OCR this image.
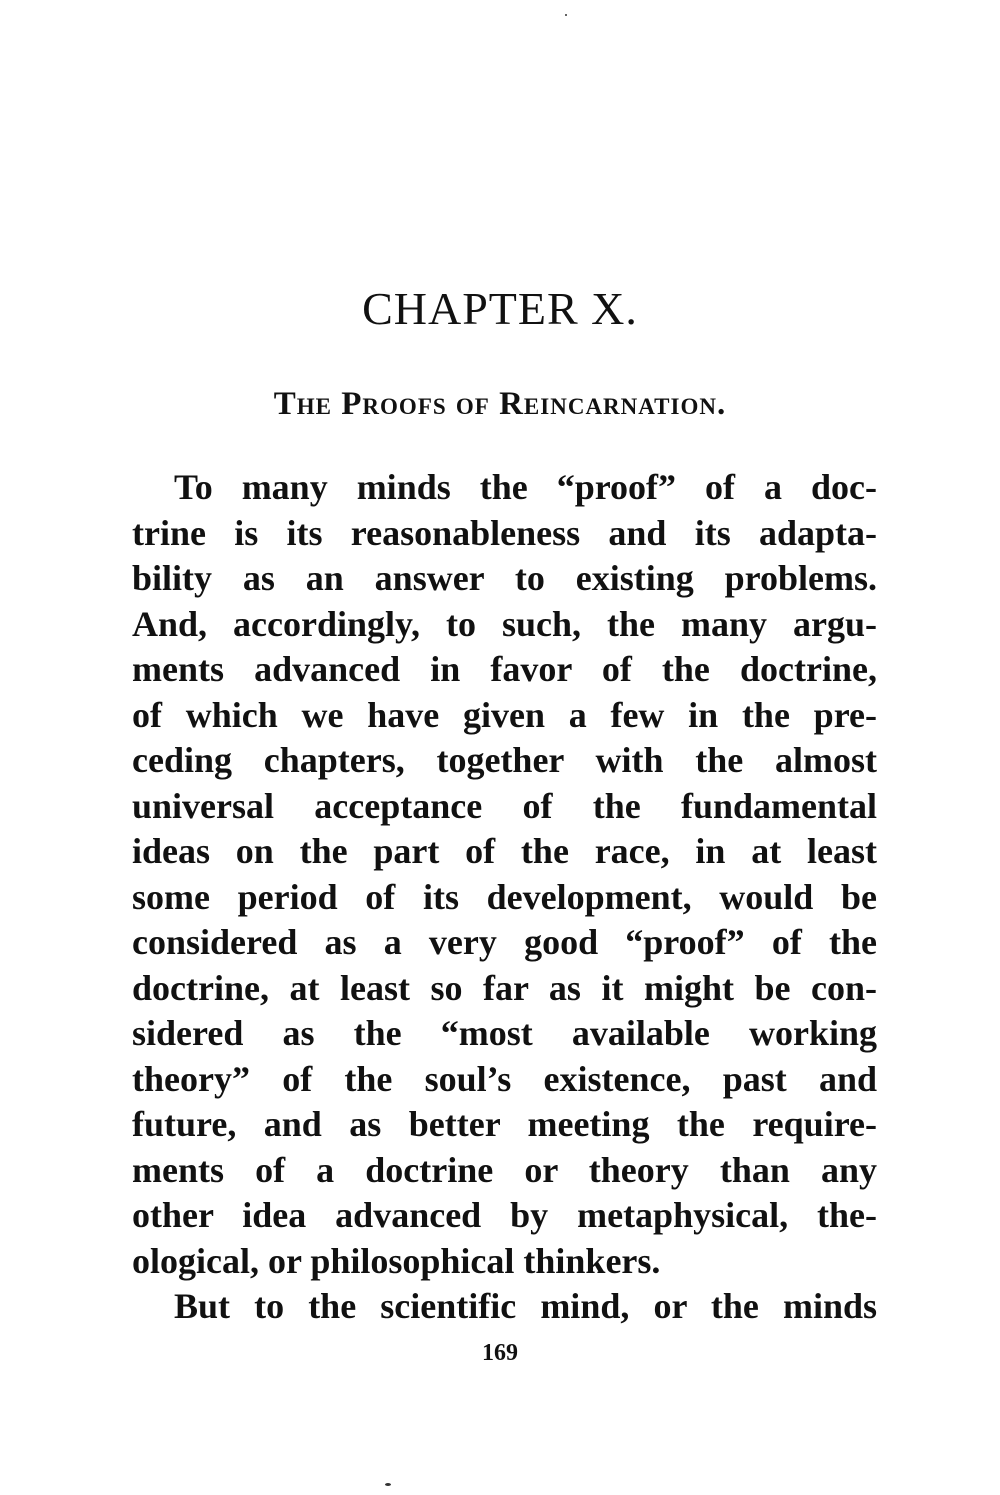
CHAPTER X.
The Proofs of Reincarnation.
To many minds the “proof” of a doc-
trine is its reasonableness and its adapta-
bility as an answer to existing problems.
And, accordingly, to such, the many argu-
ments advanced in favor of the doctrine,
of which we have given a few in the pre-
ceding chapters, together with the almost
universal acceptance of the fundamental
ideas on the part of the race, in at least
some period of its development, would be
considered as a very good “proof” of the
doctrine, at least so far as it might be con-
sidered as the “most available working
theory” of the soul’s existence, past and
future, and as better meeting the require-
ments of a doctrine or theory than any
other idea advanced by metaphysical, the-
ological, or philosophical thinkers.
But to the scientific mind, or the minds

169
